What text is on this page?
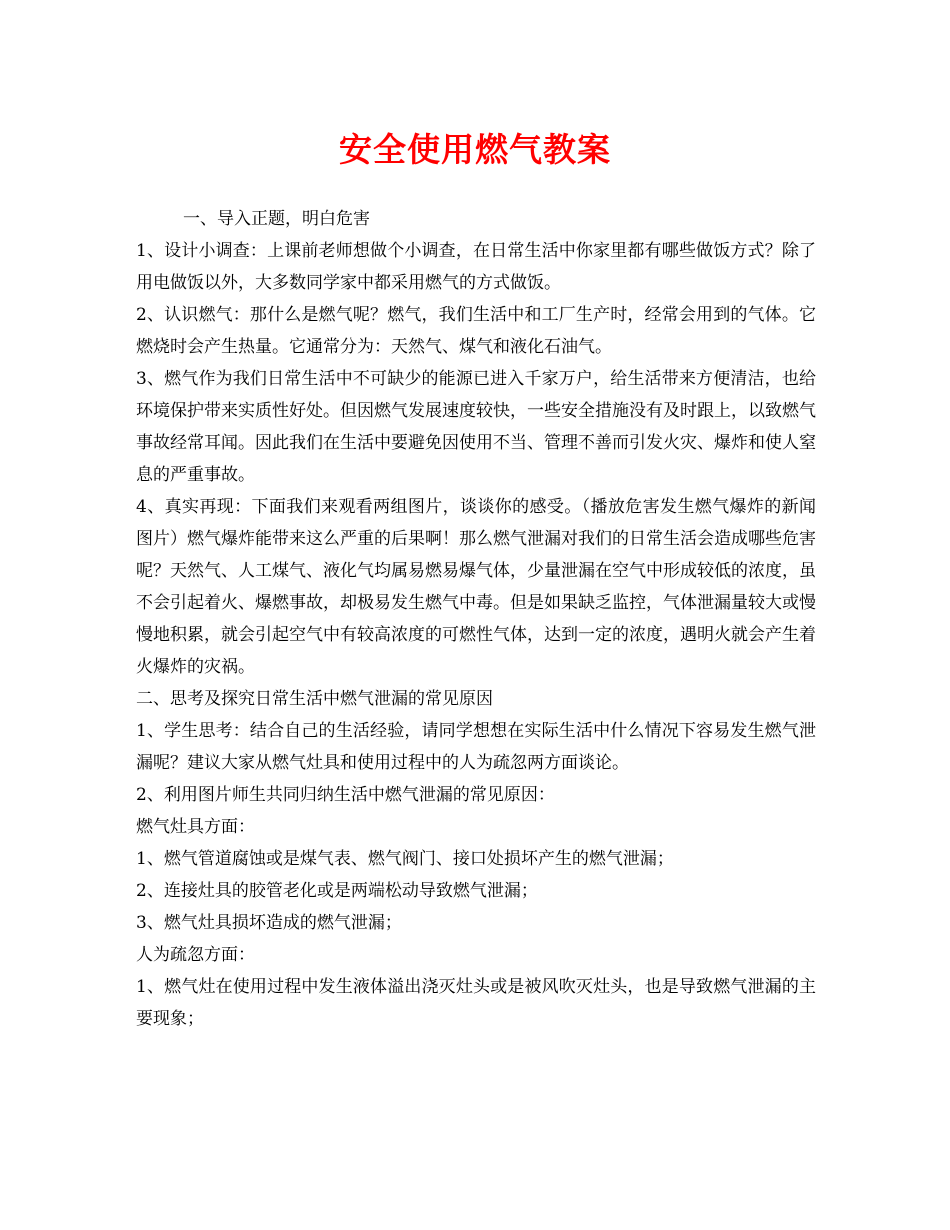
安全使用燃气教案

一、导入正题，明白危害

1、设计小调查：上课前老师想做个小调查，在日常生活中你家里都有哪些做饭方式？除了用电做饭以外，大多数同学家中都采用燃气的方式做饭。

2、认识燃气：那什么是燃气呢？燃气，我们生活中和工厂生产时，经常会用到的气体。它燃烧时会产生热量。它通常分为：天然气、煤气和液化石油气。

3、燃气作为我们日常生活中不可缺少的能源已进入千家万户，给生活带来方便清洁，也给环境保护带来实质性好处。但因燃气发展速度较快，一些安全措施没有及时跟上，以致燃气事故经常耳闻。因此我们在生活中要避免因使用不当、管理不善而引发火灾、爆炸和使人窒息的严重事故。

4、真实再现：下面我们来观看两组图片，谈谈你的感受。（播放危害发生燃气爆炸的新闻图片）燃气爆炸能带来这么严重的后果啊！那么燃气泄漏对我们的日常生活会造成哪些危害呢？天然气、人工煤气、液化气均属易燃易爆气体，少量泄漏在空气中形成较低的浓度，虽不会引起着火、爆燃事故，却极易发生燃气中毒。但是如果缺乏监控，气体泄漏量较大或慢慢地积累，就会引起空气中有较高浓度的可燃性气体，达到一定的浓度，遇明火就会产生着火爆炸的灾祸。

二、思考及探究日常生活中燃气泄漏的常见原因

1、学生思考：结合自己的生活经验，请同学想想在实际生活中什么情况下容易发生燃气泄漏呢？建议大家从燃气灶具和使用过程中的人为疏忽两方面谈论。

2、利用图片师生共同归纳生活中燃气泄漏的常见原因：

燃气灶具方面：

1、燃气管道腐蚀或是煤气表、燃气阀门、接口处损坏产生的燃气泄漏；

2、连接灶具的胶管老化或是两端松动导致燃气泄漏；

3、燃气灶具损坏造成的燃气泄漏；

人为疏忽方面：

1、燃气灶在使用过程中发生液体溢出浇灭灶头或是被风吹灭灶头，也是导致燃气泄漏的主要现象；
